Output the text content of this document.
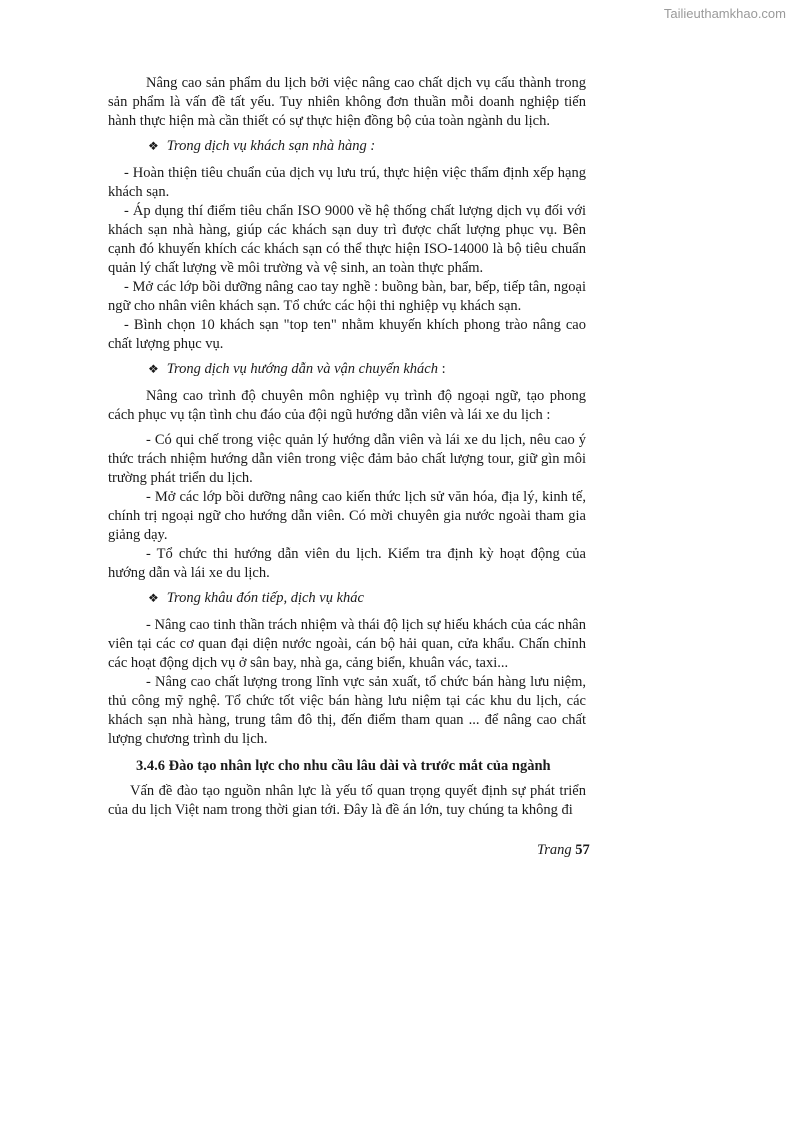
Tailieuthamkhao.com

Nâng cao sản phẩm du lịch bởi việc nâng cao chất dịch vụ cấu thành trong sản phẩm là vấn đề tất yếu. Tuy nhiên không đơn thuần mỗi doanh nghiệp tiến hành thực hiện mà cần thiết có sự thực hiện đồng bộ của toàn ngành du lịch.

❖ Trong dịch vụ khách sạn nhà hàng :

- Hoàn thiện tiêu chuẩn của dịch vụ lưu trú, thực hiện việc thẩm định xếp hạng khách sạn.

- Áp dụng thí điểm tiêu chẩn ISO 9000 về hệ thống chất lượng dịch vụ đối với khách sạn nhà hàng, giúp các khách sạn duy trì được chất lượng phục vụ. Bên cạnh đó khuyến khích các khách sạn có thể thực hiện ISO-14000 là bộ tiêu chuẩn quản lý chất lượng về môi trường và vệ sinh, an toàn thực phẩm.

- Mở các lớp bồi dưỡng nâng cao tay nghề : buồng bàn, bar, bếp, tiếp tân, ngoại ngữ cho nhân viên khách sạn. Tổ chức các hội thi nghiệp vụ khách sạn.

- Bình chọn 10 khách sạn "top ten" nhằm khuyến khích phong trào nâng cao chất lượng phục vụ.

❖ Trong dịch vụ hướng dẫn và vận chuyển khách :

Nâng cao trình độ chuyên môn nghiệp vụ trình độ ngoại ngữ, tạo phong cách phục vụ tận tình chu đáo của đội ngũ hướng dẫn viên và lái xe du lịch :

- Có qui chế trong việc quản lý hướng dẫn viên và lái xe du lịch, nêu cao ý thức trách nhiệm hướng dẫn viên trong việc đảm bảo chất lượng tour, giữ gìn môi trường phát triển du lịch.

- Mở các lớp bồi dưỡng nâng cao kiến thức lịch sử văn hóa, địa lý, kinh tế, chính trị ngoại ngữ cho hướng dẫn viên. Có mời chuyên gia nước ngoài tham gia giảng dạy.

- Tổ chức thi hướng dẫn viên du lịch. Kiểm tra định kỳ hoạt động của hướng dẫn và lái xe du lịch.

❖ Trong khâu đón tiếp, dịch vụ khác

- Nâng cao tinh thần trách nhiệm và thái độ lịch sự hiếu khách của các nhân viên tại các cơ quan đại diện nước ngoài, cán bộ hải quan, cửa khẩu. Chấn chỉnh các hoạt động dịch vụ ở sân bay, nhà ga, cảng biển, khuân vác, taxi...

- Nâng cao chất lượng trong lĩnh vực sản xuất, tổ chức bán hàng lưu niệm, thủ công mỹ nghệ. Tổ chức tốt việc bán hàng lưu niệm tại các khu du lịch, các khách sạn nhà hàng, trung tâm đô thị, đến điểm tham quan ... để nâng cao chất lượng chương trình du lịch.

3.4.6 Đào tạo nhân lực cho nhu cầu lâu dài và trước mắt của ngành

Vấn đề đào tạo nguồn nhân lực là yếu tố quan trọng quyết định sự phát triển của du lịch Việt nam trong thời gian tới. Đây là đề án lớn, tuy chúng ta không đi

Trang 57
